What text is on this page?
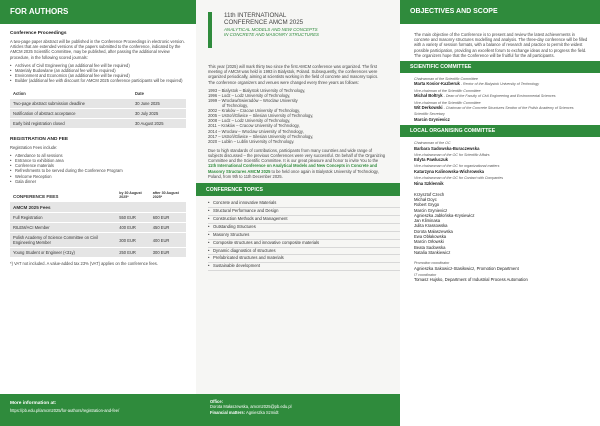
FOR AUTHORS
Conference Proceedings
A two-page paper abstract will be published in the Conference Proceedings in electronic version. Articles that are extended versions of the papers submitted to the conference, indicated by the AMCM 2025 Scientific Committee, may be published, after passing the additional review procedure, in the following scored journals:
• Archives of Civil Engineering (an additional fee will be required)
• Materialy Budowlane (an additional fee will be required)
• Environment and Economics (an additional fee will be required)
• Builder (additional fee with discount for AMCM 2025 conference participants will be required)
Action	Date
Two-page abstract submission deadline	30 June 2025
Notification of abstract acceptance	30 July 2025
Early bird registration closed	30 August 2025
REGISTRATION AND FEE
Registration Fees include:
• Attendance to all sessions
• Entrance to exhibition area
• Conference materials
• Refreshments to be served during the Conference Program
• Welcome Reception
• Gala dinner
CONFERENCE FEES	by 30 August 2025*	after 30 August 2025*
AMCM 2025 Fees		
Full Registration	550 EUR	600 EUR
RILEM/ACI Member	400 EUR	450 EUR
Polish Academy of Science Committee on Civil Engineering Member	300 EUR	400 EUR
Young Student or Engineer (<31y)	250 EUR	300 EUR
*) VAT not included. A value-added tax 23% (VAT) applies on the conference fees.
More information at:
https://pb.edu.pl/amcm2025/for-authors/registration-and-fee/
11th INTERNATIONAL
CONFERENCE AMCM 2025
ANALYTICAL MODELS AND NEW CONCEPTS
IN CONCRETE AND MASONRY STRUCTURES
This year (2025) will mark thirty two since the first AMCM conference was organized. The first meeting of AMCM was held in 1993 in Bialystok, Poland. Subsequently, the conferences were organized periodically, aiming at scientists working in the field of concrete and masonry topics. The conference organizers and venues were changed every three years as follows:
1993 – Bialystok – Bialystok University of Technology,
1996 – Lodz – Lodz University of Technology,
1999 – Wroclaw/Swieradów – Wroclaw University
of Technology,
2002 – Kraków – Cracow University of Technology,
2005 – Ustroń/Gliwice – Silesian University of Technology,
2008 – Lodz – Lodz University of Technology,
2011 – Kraków – Cracow University of Technology,
2014 – Wroclaw – Wroclaw University of Technology,
2017 – Ustroń/Gliwice – Silesian University of Technology,
2020 – Lublin – Lublin University of Technology.
Due to high standards of contributions, participants from many countries and wide range of subjects discussed – the previous Conferences were very successful. On behalf of the Organizing Committee and the Scientific Committee. It is our great pleasure and honor to invite You to the 11th International Conference on Analytical Models and New Concepts in Concrete and Masonry Structures AMCM 2025 to be held once again in Bialystok University of Technology, Poland, from 9th to 11th December 2025.
CONFERENCE TOPICS
• Concrete and innovative Materials
• Structural Performance and Design
• Construction Methods and Management
• Outstanding Structures
• Masonry Structures
• Composite structures and innovative composite materials
• Dynamic diagnostics of structures
• Prefabricated structures and materials
• Sustainable development
Office:
Dorota Małaszewska, amcm2025@pb.edu.pl
Financial matters: Agnieszka Szmidt
OBJECTIVES AND SCOPE
The main objective of the Conference is to present and review the latest achievements in concrete and masonry structures modelling and analysis. The three-day conference will be filled with a variety of session formats, with a balance of research and practice to permit the widest possible participation, providing an excellent forum to exchange ideas and to progress the field. The organizers hope that the Conference will be fruitful for the all participants.
SCIENTIFIC COMMITTEE
Chairwoman of the Scientific Committee
Marta Kosior-Kazberuk - Rector of the Bialystok University of Technology
Vice-chairman of the Scientific Committee
Michał Bołtryk - Dean of the Faculty of Civil Engineering and Environmental Sciences
Vice-chairman of the Scientific Committee
Wit Derkowski - Chairman of the Concrete Structures Section of the Polish Academy of Sciences
Scientific Secretary
Marcin Grynievicz
LOCAL ORGANISING COMMITTEE
Chairwoman of the OC
Barbara Sadowska-Buraczewska
Vice-chairwoman of the OC for Scientific Affairs
Edyta Pawluczuk
Vice-chairwoman of the OC for organizational matters
Katarzyna Kalinowska-Wichrowska
Vice-chairwoman of the OC for Contact with Companies
Nina Szklennik
Krzysztof Czech
Michał Doyc
Robert Grygo
Marcin Grynievicz
Agnieszka Jabłońska-Krysiewicz
Jan Kliminasa
Julita Krassowska
Dorota Małaszewska
Ewa Obłakowska
Marcin Orłowski
Beata Sadowska
Natalia Stankiewicz
Promotion coordinator
Agnieszka Sakowicz-Stasiłowicz, Promotion Department
IT coordinator
Tomasz Hujsko, Department of Industrial Process Automation
